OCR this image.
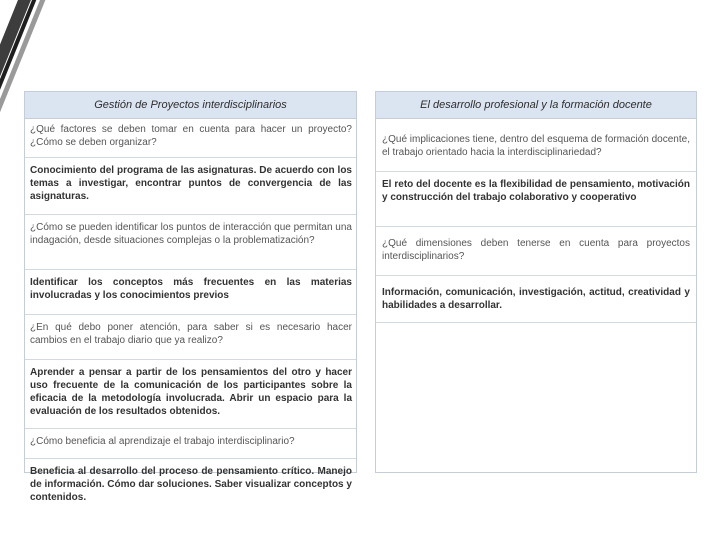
Gestión de Proyectos interdisciplinarios
¿Qué factores se deben tomar en cuenta para hacer un proyecto? ¿Cómo se deben organizar?
Conocimiento del programa de las asignaturas. De acuerdo con los temas a investigar, encontrar puntos de convergencia de las asignaturas.
¿Cómo se pueden identificar los puntos de interacción que permitan una indagación, desde situaciones complejas o la problematización?
Identificar los conceptos más frecuentes en las materias involucradas y los conocimientos previos
¿En qué debo poner atención, para saber si es necesario hacer cambios en el trabajo diario que ya realizo?
Aprender a pensar a partir de los pensamientos del otro y hacer uso frecuente de la comunicación de los participantes sobre la eficacia de la metodología involucrada. Abrir un espacio para la evaluación de los resultados obtenidos.
¿Cómo beneficia al aprendizaje el trabajo interdisciplinario?
Beneficia al desarrollo del proceso de pensamiento crítico. Manejo de información. Cómo dar soluciones. Saber visualizar conceptos y contenidos.
El desarrollo profesional y la formación docente
¿Qué implicaciones tiene, dentro del esquema de formación docente, el trabajo orientado hacia la interdisciplinariedad?
El reto del docente es la flexibilidad de pensamiento, motivación y construcción del trabajo colaborativo y cooperativo
¿Qué dimensiones deben tenerse en cuenta para proyectos interdisciplinarios?
Información, comunicación, investigación, actitud, creatividad y habilidades a desarrollar.
